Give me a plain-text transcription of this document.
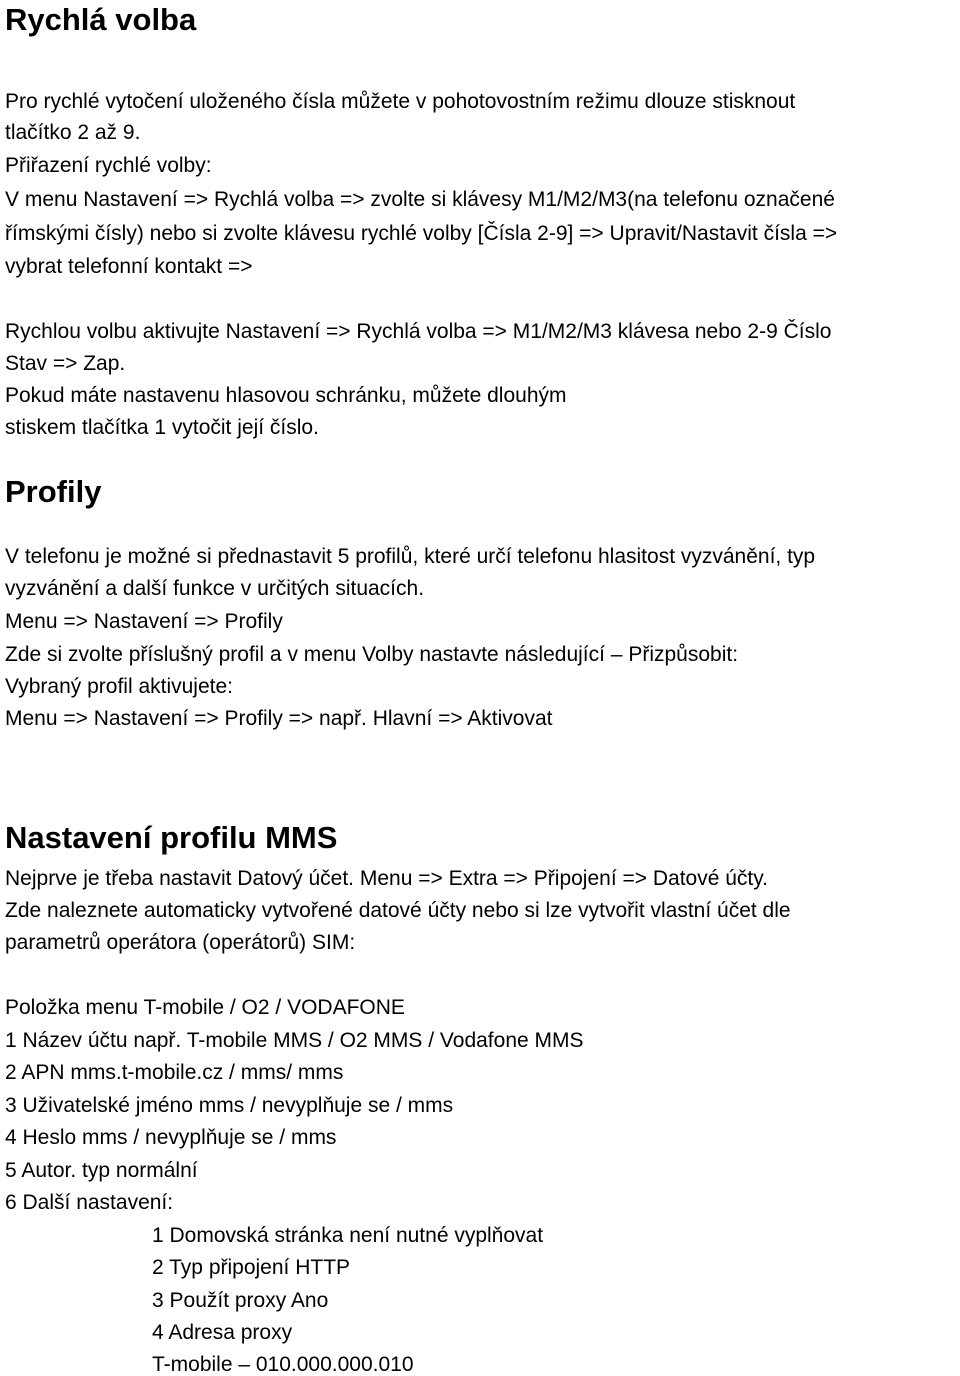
Rychlá volba
Pro rychlé vytočení uloženého čísla můžete v pohotovostním režimu dlouze stisknout
tlačítko 2 až 9.
Přiřazení rychlé volby:
V menu Nastavení => Rychlá volba => zvolte si klávesy M1/M2/M3(na telefonu označené
římskými čísly) nebo si zvolte klávesu rychlé volby [Čísla 2-9] => Upravit/Nastavit čísla =>
vybrat telefonní kontakt =>
Rychlou volbu aktivujte Nastavení => Rychlá volba => M1/M2/M3 klávesa nebo 2-9 Číslo
Stav => Zap.
Pokud máte nastavenu hlasovou schránku, můžete dlouhým
stiskem tlačítka 1 vytočit její číslo.
Profily
V telefonu je možné si přednastavit 5 profilů, které určí telefonu hlasitost vyzvánění, typ
vyzvánění a další funkce v určitých situacích.
Menu => Nastavení => Profily
Zde si zvolte příslušný profil a v menu Volby nastavte následující – Přizpůsobit:
Vybraný profil aktivujete:
Menu => Nastavení => Profily => např. Hlavní => Aktivovat
Nastavení profilu MMS
Nejprve je třeba nastavit Datový účet. Menu => Extra => Připojení => Datové účty.
Zde naleznete automaticky vytvořené datové účty nebo si lze vytvořit vlastní účet dle
parametrů operátora (operátorů) SIM:
Položka menu T-mobile / O2 / VODAFONE
1 Název účtu např. T-mobile MMS / O2 MMS / Vodafone MMS
2 APN mms.t-mobile.cz / mms/ mms
3 Uživatelské jméno mms / nevyplňuje se / mms
4 Heslo mms / nevyplňuje se / mms
5 Autor. typ normální
6 Další nastavení:
1 Domovská stránka není nutné vyplňovat
2 Typ připojení HTTP
3 Použít proxy Ano
4 Adresa proxy
T-mobile – 010.000.000.010
